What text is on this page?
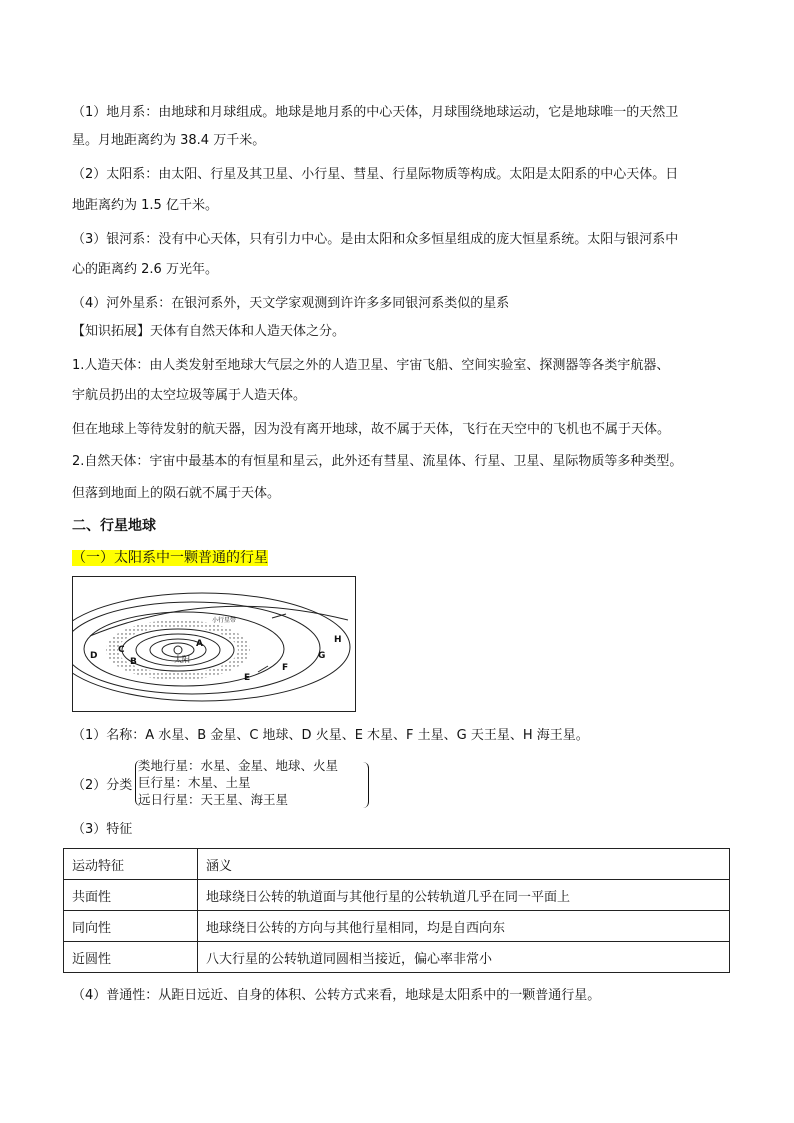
（1）地月系：由地球和月球组成。地球是地月系的中心天体，月球围绕地球运动，它是地球唯一的天然卫
星。月地距离约为 38.4 万千米。
（2）太阳系：由太阳、行星及其卫星、小行星、彗星、行星际物质等构成。太阳是太阳系的中心天体。日
地距离约为 1.5 亿千米。
（3）银河系：没有中心天体，只有引力中心。是由太阳和众多恒星组成的庞大恒星系统。太阳与银河系中
心的距离约 2.6 万光年。
（4）河外星系：在银河系外，天文学家观测到许许多多同银河系类似的星系
【知识拓展】天体有自然天体和人造天体之分。
1.人造天体：由人类发射至地球大气层之外的人造卫星、宇宙飞船、空间实验室、探测器等各类宇航器、
宇航员扔出的太空垃圾等属于人造天体。
但在地球上等待发射的航天器，因为没有离开地球，故不属于天体，飞行在天空中的飞机也不属于天体。
2.自然天体：宇宙中最基本的有恒星和星云，此外还有彗星、流星体、行星、卫星、星际物质等多种类型。
但落到地面上的陨石就不属于天体。
二、行星地球
（一）太阳系中一颗普通的行星
太阳
A
B
C
D
E
F
G
H
小行星带
（1）名称：A 水星、B 金星、C 地球、D 火星、E 木星、F 土星、G 天王星、H 海王星。
（2）分类
类地行星：水星、金星、地球、火星
巨行星：木星、土星
远日行星：天王星、海王星
（3）特征
运动特征	涵义
共面性	地球绕日公转的轨道面与其他行星的公转轨道几乎在同一平面上
同向性	地球绕日公转的方向与其他行星相同，均是自西向东
近圆性	八大行星的公转轨道同圆相当接近，偏心率非常小
（4）普通性：从距日远近、自身的体积、公转方式来看，地球是太阳系中的一颗普通行星。
